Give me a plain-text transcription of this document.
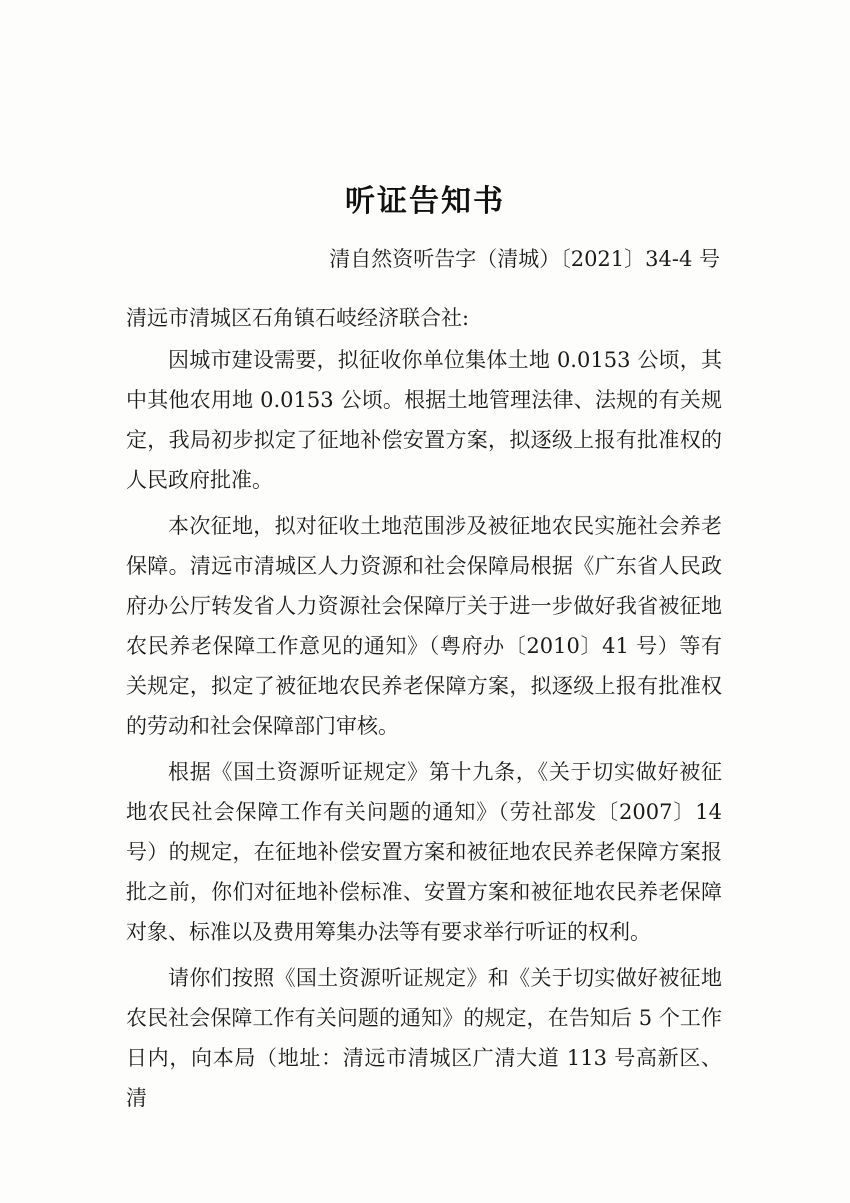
听证告知书
清自然资听告字（清城）〔2021〕34-4 号
清远市清城区石角镇石岐经济联合社:

因城市建设需要，拟征收你单位集体土地 0.0153 公顷，其中其他农用地 0.0153 公顷。根据土地管理法律、法规的有关规定，我局初步拟定了征地补偿安置方案，拟逐级上报有批准权的人民政府批准。

本次征地，拟对征收土地范围涉及被征地农民实施社会养老保障。清远市清城区人力资源和社会保障局根据《广东省人民政府办公厅转发省人力资源社会保障厅关于进一步做好我省被征地农民养老保障工作意见的通知》（粤府办〔2010〕41 号）等有关规定，拟定了被征地农民养老保障方案，拟逐级上报有批准权的劳动和社会保障部门审核。

根据《国土资源听证规定》第十九条，《关于切实做好被征地农民社会保障工作有关问题的通知》（劳社部发〔2007〕14 号）的规定，在征地补偿安置方案和被征地农民养老保障方案报批之前，你们对征地补偿标准、安置方案和被征地农民养老保障对象、标准以及费用筹集办法等有要求举行听证的权利。

请你们按照《国土资源听证规定》和《关于切实做好被征地农民社会保障工作有关问题的通知》的规定，在告知后 5 个工作日内，向本局（地址：清远市清城区广清大道 113 号高新区、清
